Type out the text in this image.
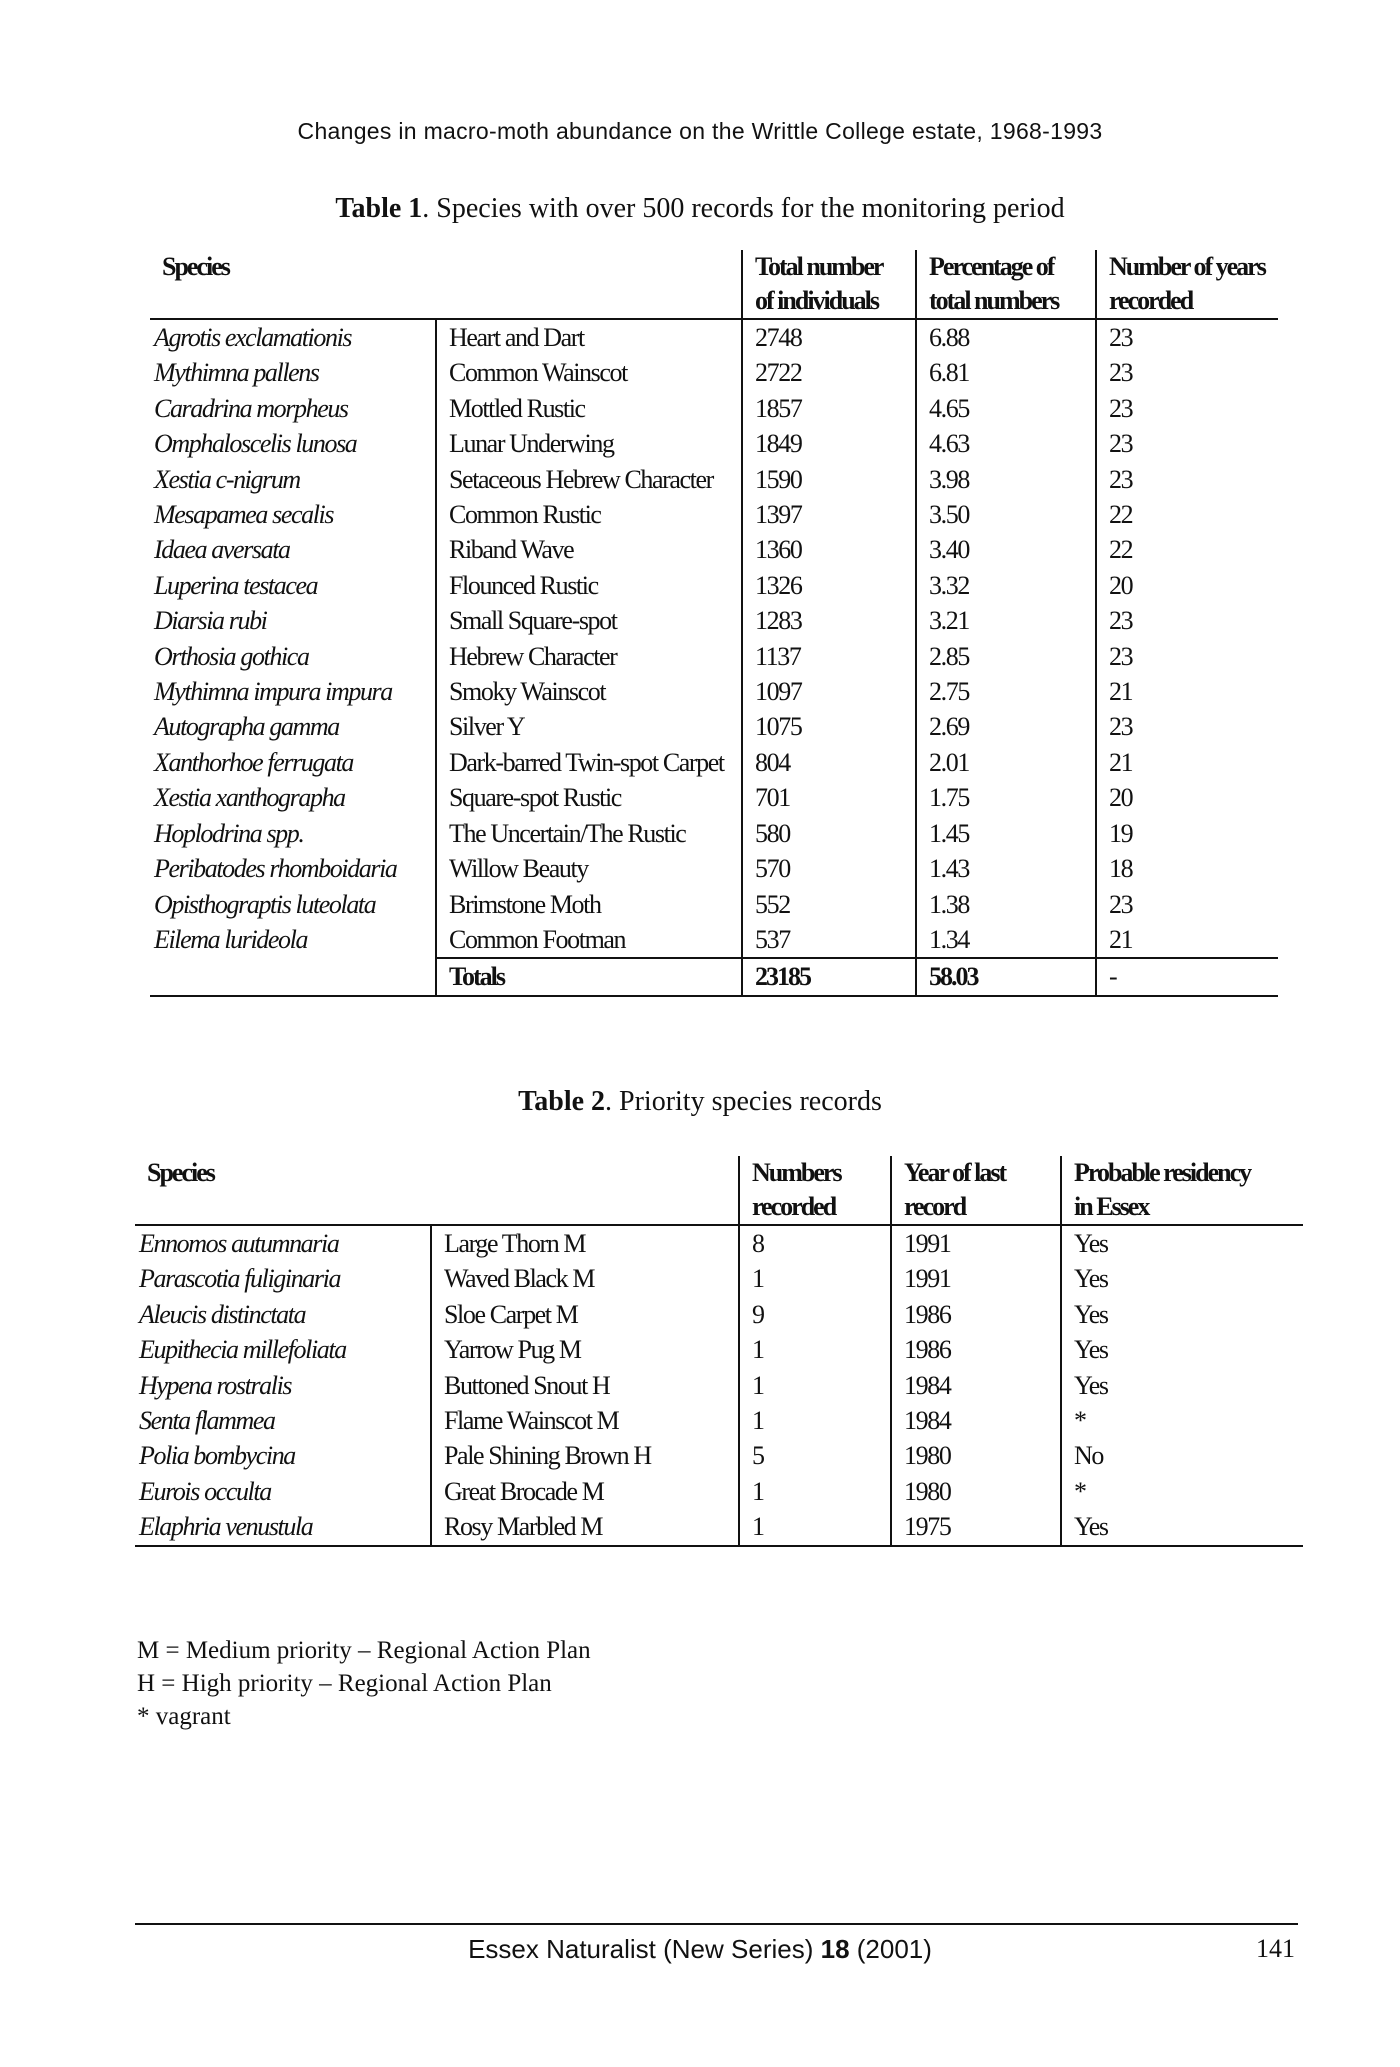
Changes in macro-moth abundance on the Writtle College estate, 1968-1993
Table 1. Species with over 500 records for the monitoring period
Species		Total number	Percentage of	Number of years
		of individuals	total numbers	recorded
Agrotis exclamationis	Heart and Dart	2748	6.88	23
Mythimna pallens	Common Wainscot	2722	6.81	23
Caradrina morpheus	Mottled Rustic	1857	4.65	23
Omphaloscelis lunosa	Lunar Underwing	1849	4.63	23
Xestia c-nigrum	Setaceous Hebrew Character	1590	3.98	23
Mesapamea secalis	Common Rustic	1397	3.50	22
Idaea aversata	Riband Wave	1360	3.40	22
Luperina testacea	Flounced Rustic	1326	3.32	20
Diarsia rubi	Small Square-spot	1283	3.21	23
Orthosia gothica	Hebrew Character	1137	2.85	23
Mythimna impura impura	Smoky Wainscot	1097	2.75	21
Autographa gamma	Silver Y	1075	2.69	23
Xanthorhoe ferrugata	Dark-barred Twin-spot Carpet	804	2.01	21
Xestia xanthographa	Square-spot Rustic	701	1.75	20
Hoplodrina spp.	The Uncertain/The Rustic	580	1.45	19
Peribatodes rhomboidaria	Willow Beauty	570	1.43	18
Opisthograptis luteolata	Brimstone Moth	552	1.38	23
Eilema lurideola	Common Footman	537	1.34	21
	Totals	23185	58.03	-
Table 2. Priority species records
Species		Numbers	Year of last	Probable residency
		recorded	record	in Essex
Ennomos autumnaria	Large Thorn M	8	1991	Yes
Parascotia fuliginaria	Waved Black M	1	1991	Yes
Aleucis distinctata	Sloe Carpet M	9	1986	Yes
Eupithecia millefoliata	Yarrow Pug M	1	1986	Yes
Hypena rostralis	Buttoned Snout H	1	1984	Yes
Senta flammea	Flame Wainscot M	1	1984	*
Polia bombycina	Pale Shining Brown H	5	1980	No
Eurois occulta	Great Brocade M	1	1980	*
Elaphria venustula	Rosy Marbled M	1	1975	Yes
M = Medium priority – Regional Action Plan
H = High priority – Regional Action Plan
* vagrant
Essex Naturalist (New Series) 18 (2001)	141
